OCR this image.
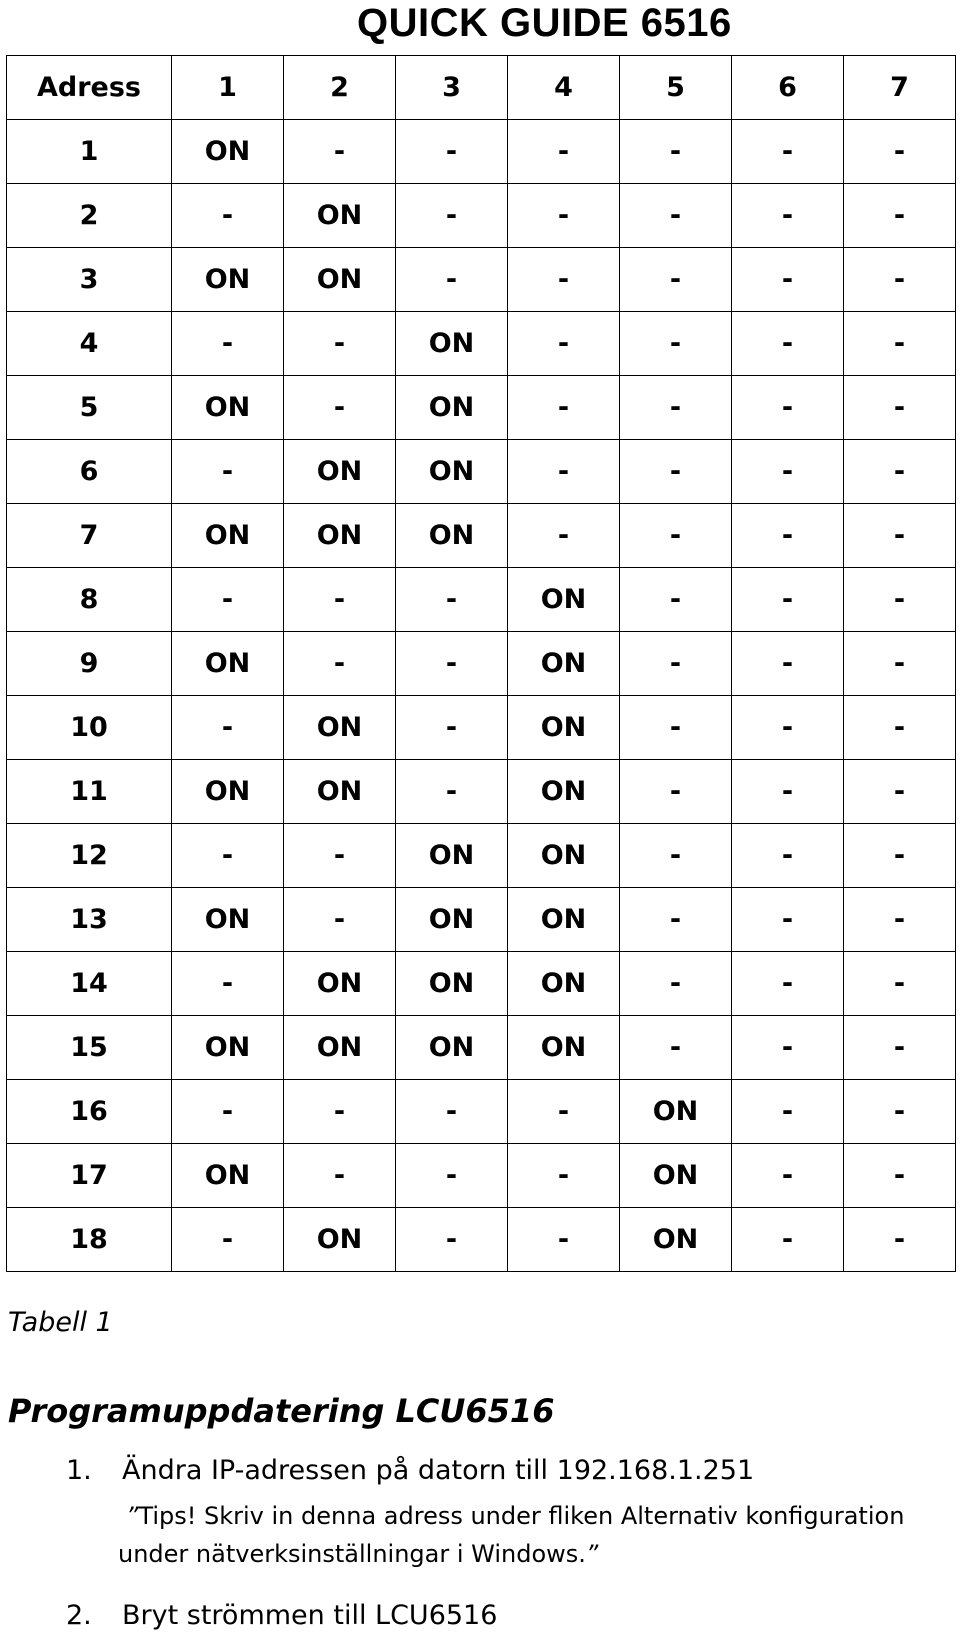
QUICK GUIDE 6516
Adress	1	2	3	4	5	6	7
1	ON	-	-	-	-	-	-
2	-	ON	-	-	-	-	-
3	ON	ON	-	-	-	-	-
4	-	-	ON	-	-	-	-
5	ON	-	ON	-	-	-	-
6	-	ON	ON	-	-	-	-
7	ON	ON	ON	-	-	-	-
8	-	-	-	ON	-	-	-
9	ON	-	-	ON	-	-	-
10	-	ON	-	ON	-	-	-
11	ON	ON	-	ON	-	-	-
12	-	-	ON	ON	-	-	-
13	ON	-	ON	ON	-	-	-
14	-	ON	ON	ON	-	-	-
15	ON	ON	ON	ON	-	-	-
16	-	-	-	-	ON	-	-
17	ON	-	-	-	ON	-	-
18	-	ON	-	-	ON	-	-
Tabell 1
Programuppdatering LCU6516
1. Ändra IP-adressen på datorn till 192.168.1.251
”Tips! Skriv in denna adress under fliken Alternativ konfiguration
under nätverksinställningar i Windows.”
2. Bryt strömmen till LCU6516
